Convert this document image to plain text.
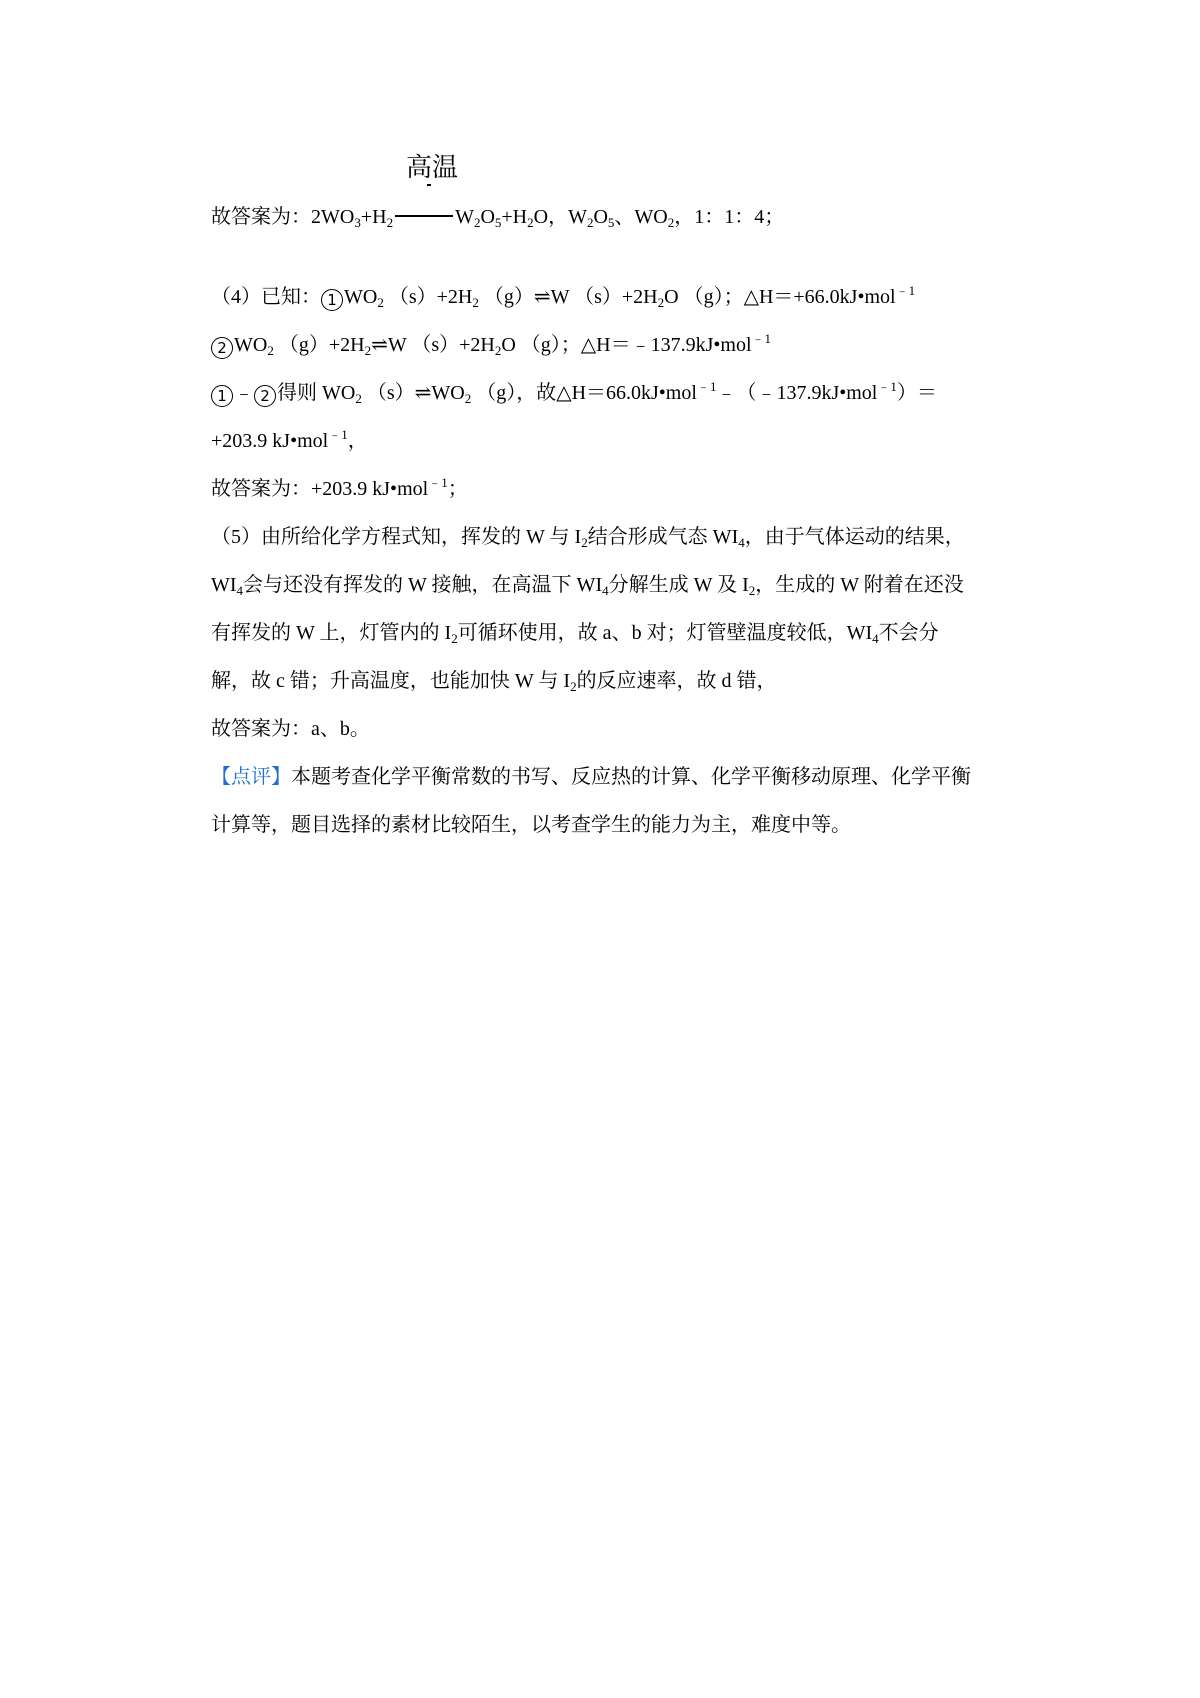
高温
故答案为：$2WO_3+H_2$	$W_2O_5+H_2O$，$W_2O_5$、$WO_2$，1：1：4；
（4）已知： 1 $WO_2$ $(s)+2H_2$ （g）⇌W $(s)+2H_2O$ （g）；△H＝+66.0kJ•mol$^{﹣1}$
2 $WO_2$ $(g)+2H_2\rightleftharpoons W$ $(s)+2H_2O$ （g）；△H＝﹣137.9kJ•mol$^{﹣1}$
1 ﹣ 2 得则 $WO_2$ $(s)\rightleftharpoons WO_2$ （g），故△H＝66.0kJ•mol$^{﹣1}$﹣（﹣137.9kJ•mol$^{﹣1}$）＝
+203.9 kJ•mol$^{﹣1}$，
故答案为：+203.9 kJ•mol$^{﹣1}$；
（5）由所给化学方程式知，挥发的 W 与 $I_2$结合形成气态 $WI_4$，由于气体运动的结果，
$WI_4$会与还没有挥发的 W 接触，在高温下 $WI_4$分解生成 W 及 $I_2$，生成的 W 附着在还没
有挥发的 W 上，灯管内的 $I_2$可循环使用，故 a、b 对；灯管壁温度较低，$WI_4$不会分
解，故 c 错；升高温度，也能加快 W 与 $I_2$的反应速率，故 d 错，
故答案为：a、b。
【点评】本题考查化学平衡常数的书写、反应热的计算、化学平衡移动原理、化学平衡
计算等，题目选择的素材比较陌生，以考查学生的能力为主，难度中等。
